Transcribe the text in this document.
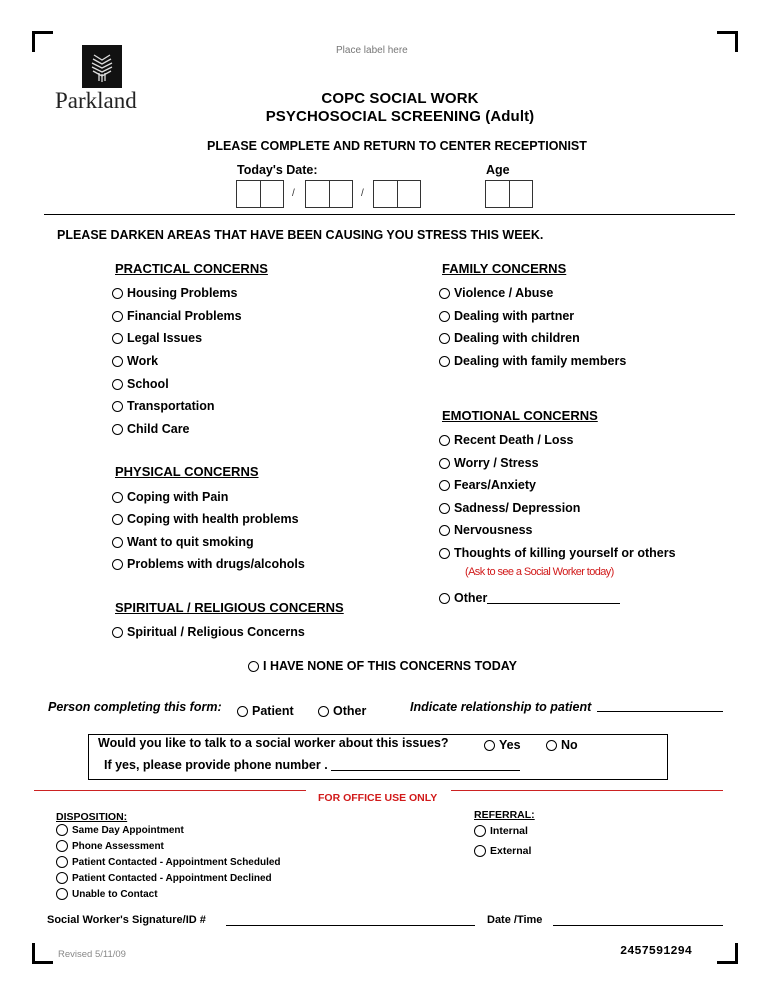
Parkland
Place label here
COPC SOCIAL WORK
PSYCHOSOCIAL SCREENING (Adult)
PLEASE COMPLETE AND RETURN TO CENTER RECEPTIONIST
Today's Date:	Age
/	/
PLEASE DARKEN AREAS THAT HAVE BEEN CAUSING YOU STRESS THIS WEEK.
PRACTICAL CONCERNS
Housing Problems
Financial Problems
Legal Issues
Work
School
Transportation
Child Care
PHYSICAL CONCERNS
Coping with Pain
Coping with health problems
Want to quit smoking
Problems with drugs/alcohols
SPIRITUAL / RELIGIOUS CONCERNS
Spiritual / Religious Concerns
FAMILY CONCERNS
Violence / Abuse
Dealing with partner
Dealing with children
Dealing with family members
EMOTIONAL CONCERNS
Recent Death / Loss
Worry / Stress
Fears/Anxiety
Sadness/ Depression
Nervousness
Thoughts of killing yourself or others
(Ask to see a Social Worker today)
Other
I HAVE NONE OF THIS CONCERNS TODAY
Person completing this form: Patient	Other	Indicate relationship to patient
Would you like to talk to a social worker about this issues?	Yes	No
If yes, please provide phone number .
FOR OFFICE USE ONLY
DISPOSITION:
Same Day Appointment
Phone Assessment
Patient Contacted - Appointment Scheduled
Patient Contacted - Appointment Declined
Unable to Contact
REFERRAL:
Internal
External
Social Worker's Signature/ID #	Date /Time
Revised 5/11/09	2457591294
